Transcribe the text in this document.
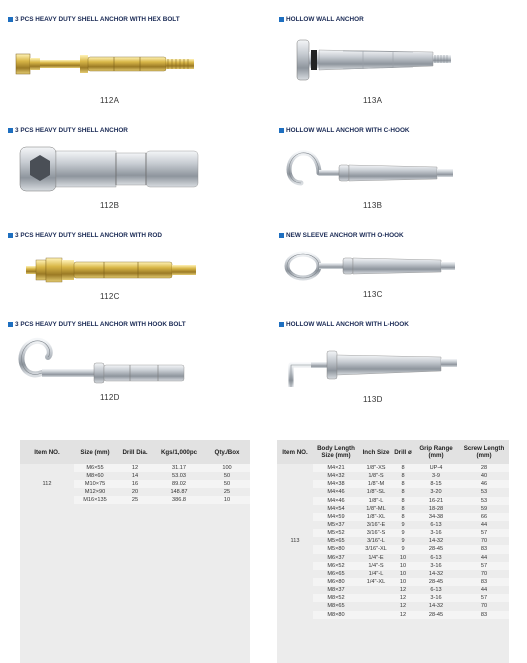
3 PCS HEAVY DUTY SHELL ANCHOR WITH HEX BOLT
112A
HOLLOW WALL ANCHOR
113A
3 PCS HEAVY DUTY SHELL ANCHOR
112B
HOLLOW WALL ANCHOR WITH C-HOOK
113B
3 PCS HEAVY DUTY SHELL ANCHOR WITH ROD
112C
NEW SLEEVE ANCHOR WITH O-HOOK
113C
3 PCS HEAVY DUTY SHELL ANCHOR WITH HOOK BOLT
112D
HOLLOW WALL ANCHOR WITH L-HOOK
113D
Item NO.	Size (mm)	Drill Dia.	Kgs/1,000pc	Qty./Box
112	M6×55	12	31.17	100
	M8×60	14	53.03	50
	M10×75	16	89.02	50
	M12×90	20	148.87	25
	M16×135	25	386.8	10
Item NO.	Body Length Size (mm)	Inch Size	Drill ø	Grip Range (mm)	Screw Length (mm)
113	M4×21	1/8"-XS	8	UP-4	28
	M4×32	1/8"-S	8	3-9	40
	M4×38	1/8"-M	8	8-15	46
	M4×46	1/8"-SL	8	3-20	53
	M4×46	1/8"-L	8	16-21	53
	M4×54	1/8"-ML	8	18-28	59
	M4×59	1/8"-XL	8	34-38	66
	M5×37	3/16"-E	9	6-13	44
	M5×52	3/16"-S	9	3-16	57
	M5×65	3/16"-L	9	14-32	70
	M5×80	3/16"-XL	9	28-45	83
	M6×37	1/4"-E	10	6-13	44
	M6×52	1/4"-S	10	3-16	57
	M6×65	1/4"-L	10	14-32	70
	M6×80	1/4"-XL	10	28-45	83
	M8×37		12	6-13	44
	M8×52		12	3-16	57
	M8×65		12	14-32	70
	M8×80		12	28-45	83
